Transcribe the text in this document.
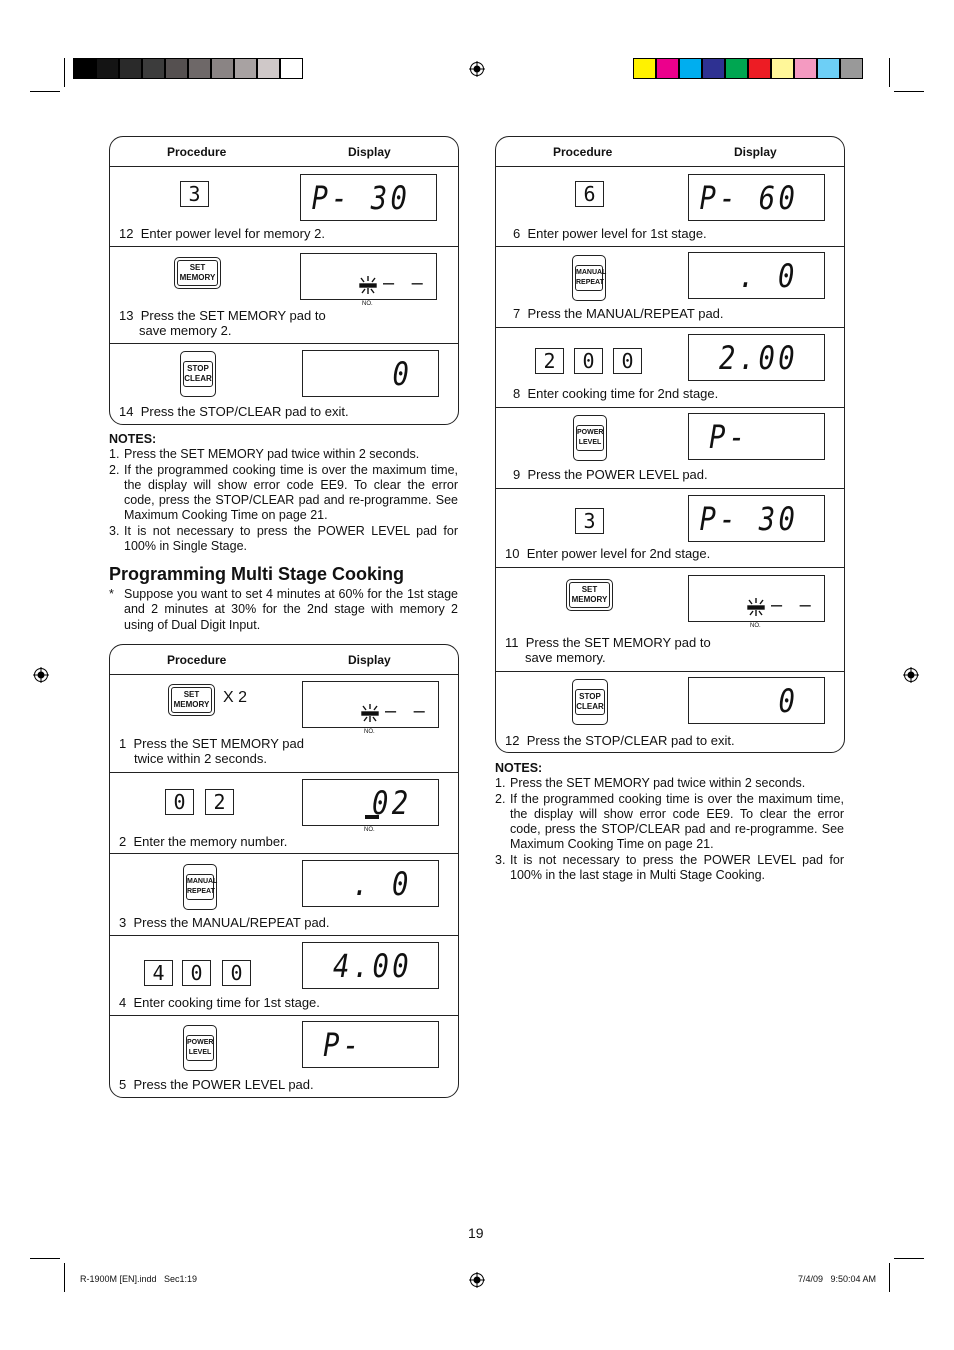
Procedure	Display
3	P- 30
12 Enter power level for memory 2.
SET
MEMORY	– –
NO.
13 Press the SET MEMORY pad to
save memory 2.
STOP
CLEAR	0
14 Press the STOP/CLEAR pad to exit.
NOTES:
1. Press the SET MEMORY pad twice within 2 seconds.
2. If the programmed cooking time is over the maximum time, the display will show error code EE9. To clear the error code, press the STOP/CLEAR pad and re-programme. See Maximum Cooking Time on page 21.
3. It is not necessary to press the POWER LEVEL pad for 100% in Single Stage.
Programming Multi Stage Cooking
* Suppose you want to set 4 minutes at 60% for the 1st stage and 2 minutes at 30% for the 2nd stage with memory 2 using of Dual Digit Input.
Procedure	Display
SET
MEMORY X 2
– –
NO.
1 Press the SET MEMORY pad
twice within 2 seconds.
0	2	02
NO.
2 Enter the memory number.
MANUAL
REPEAT	. 0
3 Press the MANUAL/REPEAT pad.
4	0	0	4.00
4 Enter cooking time for 1st stage.
POWER
LEVEL	P-
5 Press the POWER LEVEL pad.
Procedure	Display
6	P- 60
6 Enter power level for 1st stage.
MANUAL
REPEAT	. 0
7 Press the MANUAL/REPEAT pad.
2	0	0	2.00
8 Enter cooking time for 2nd stage.
POWER
LEVEL	P-
9 Press the POWER LEVEL pad.
3	P- 30
10 Enter power level for 2nd stage.
SET
MEMORY	– –
NO.
11 Press the SET MEMORY pad to
save memory.
STOP
CLEAR	0
12 Press the STOP/CLEAR pad to exit.
NOTES:
1. Press the SET MEMORY pad twice within 2 seconds.
2. If the programmed cooking time is over the maximum time, the display will show error code EE9. To clear the error code, press the STOP/CLEAR pad and re-programme. See Maximum Cooking Time on page 21.
3. It is not necessary to press the POWER LEVEL pad for 100% in the last stage in Multi Stage Cooking.
19
R-1900M [EN].indd   Sec1:19	7/4/09   9:50:04 AM
